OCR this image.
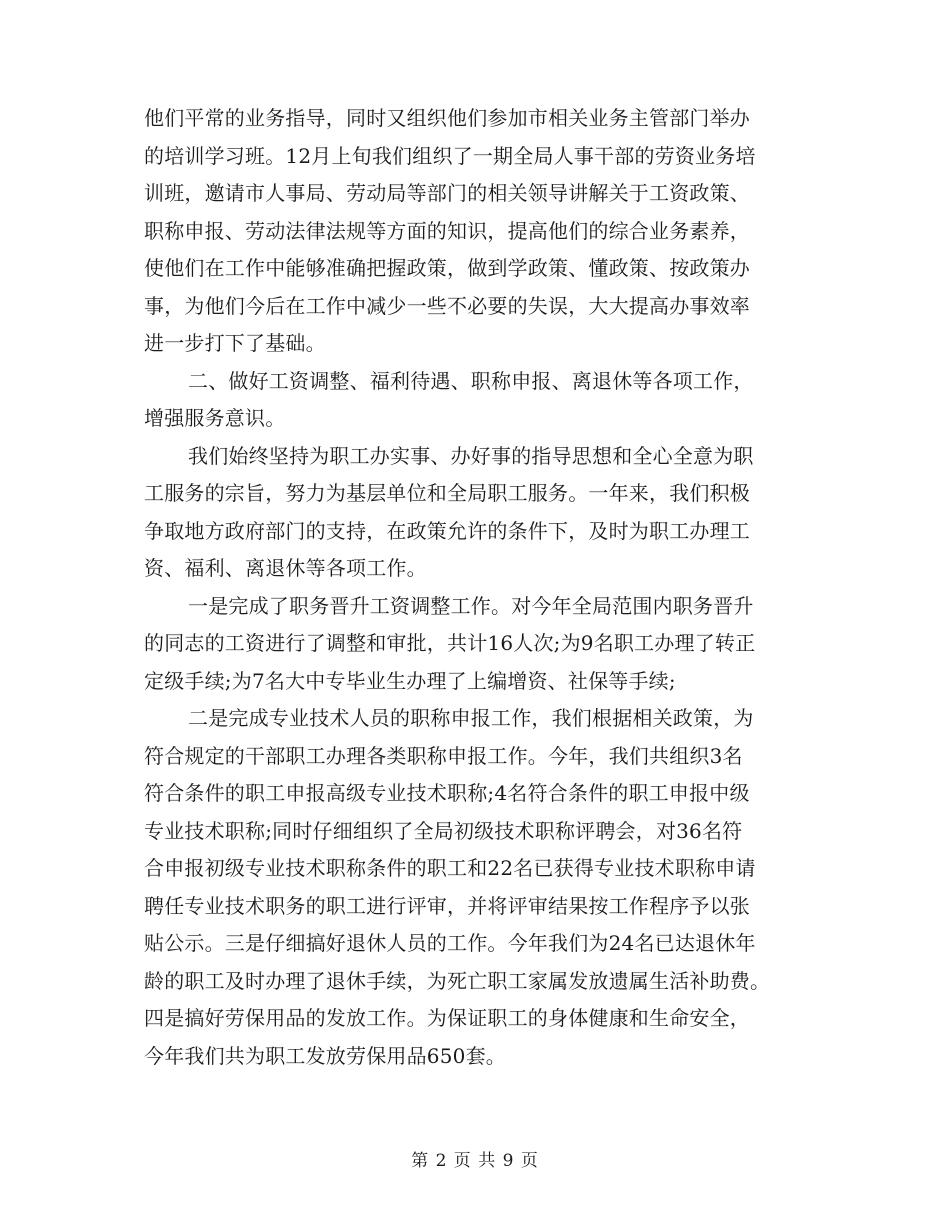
他们平常的业务指导，同时又组织他们参加市相关业务主管部门举办
的培训学习班。12月上旬我们组织了一期全局人事干部的劳资业务培
训班，邀请市人事局、劳动局等部门的相关领导讲解关于工资政策、
职称申报、劳动法律法规等方面的知识，提高他们的综合业务素养，
使他们在工作中能够准确把握政策，做到学政策、懂政策、按政策办
事，为他们今后在工作中减少一些不必要的失误，大大提高办事效率
进一步打下了基础。
二、做好工资调整、福利待遇、职称申报、离退休等各项工作，
增强服务意识。
我们始终坚持为职工办实事、办好事的指导思想和全心全意为职
工服务的宗旨，努力为基层单位和全局职工服务。一年来，我们积极
争取地方政府部门的支持，在政策允许的条件下，及时为职工办理工
资、福利、离退休等各项工作。
一是完成了职务晋升工资调整工作。对今年全局范围内职务晋升
的同志的工资进行了调整和审批，共计16人次;为9名职工办理了转正
定级手续;为7名大中专毕业生办理了上编增资、社保等手续;
二是完成专业技术人员的职称申报工作，我们根据相关政策，为
符合规定的干部职工办理各类职称申报工作。今年，我们共组织3名
符合条件的职工申报高级专业技术职称;4名符合条件的职工申报中级
专业技术职称;同时仔细组织了全局初级技术职称评聘会，对36名符
合申报初级专业技术职称条件的职工和22名已获得专业技术职称申请
聘任专业技术职务的职工进行评审，并将评审结果按工作程序予以张
贴公示。三是仔细搞好退休人员的工作。今年我们为24名已达退休年
龄的职工及时办理了退休手续，为死亡职工家属发放遗属生活补助费。
四是搞好劳保用品的发放工作。为保证职工的身体健康和生命安全，
今年我们共为职工发放劳保用品650套。
第 2 页 共 9 页
